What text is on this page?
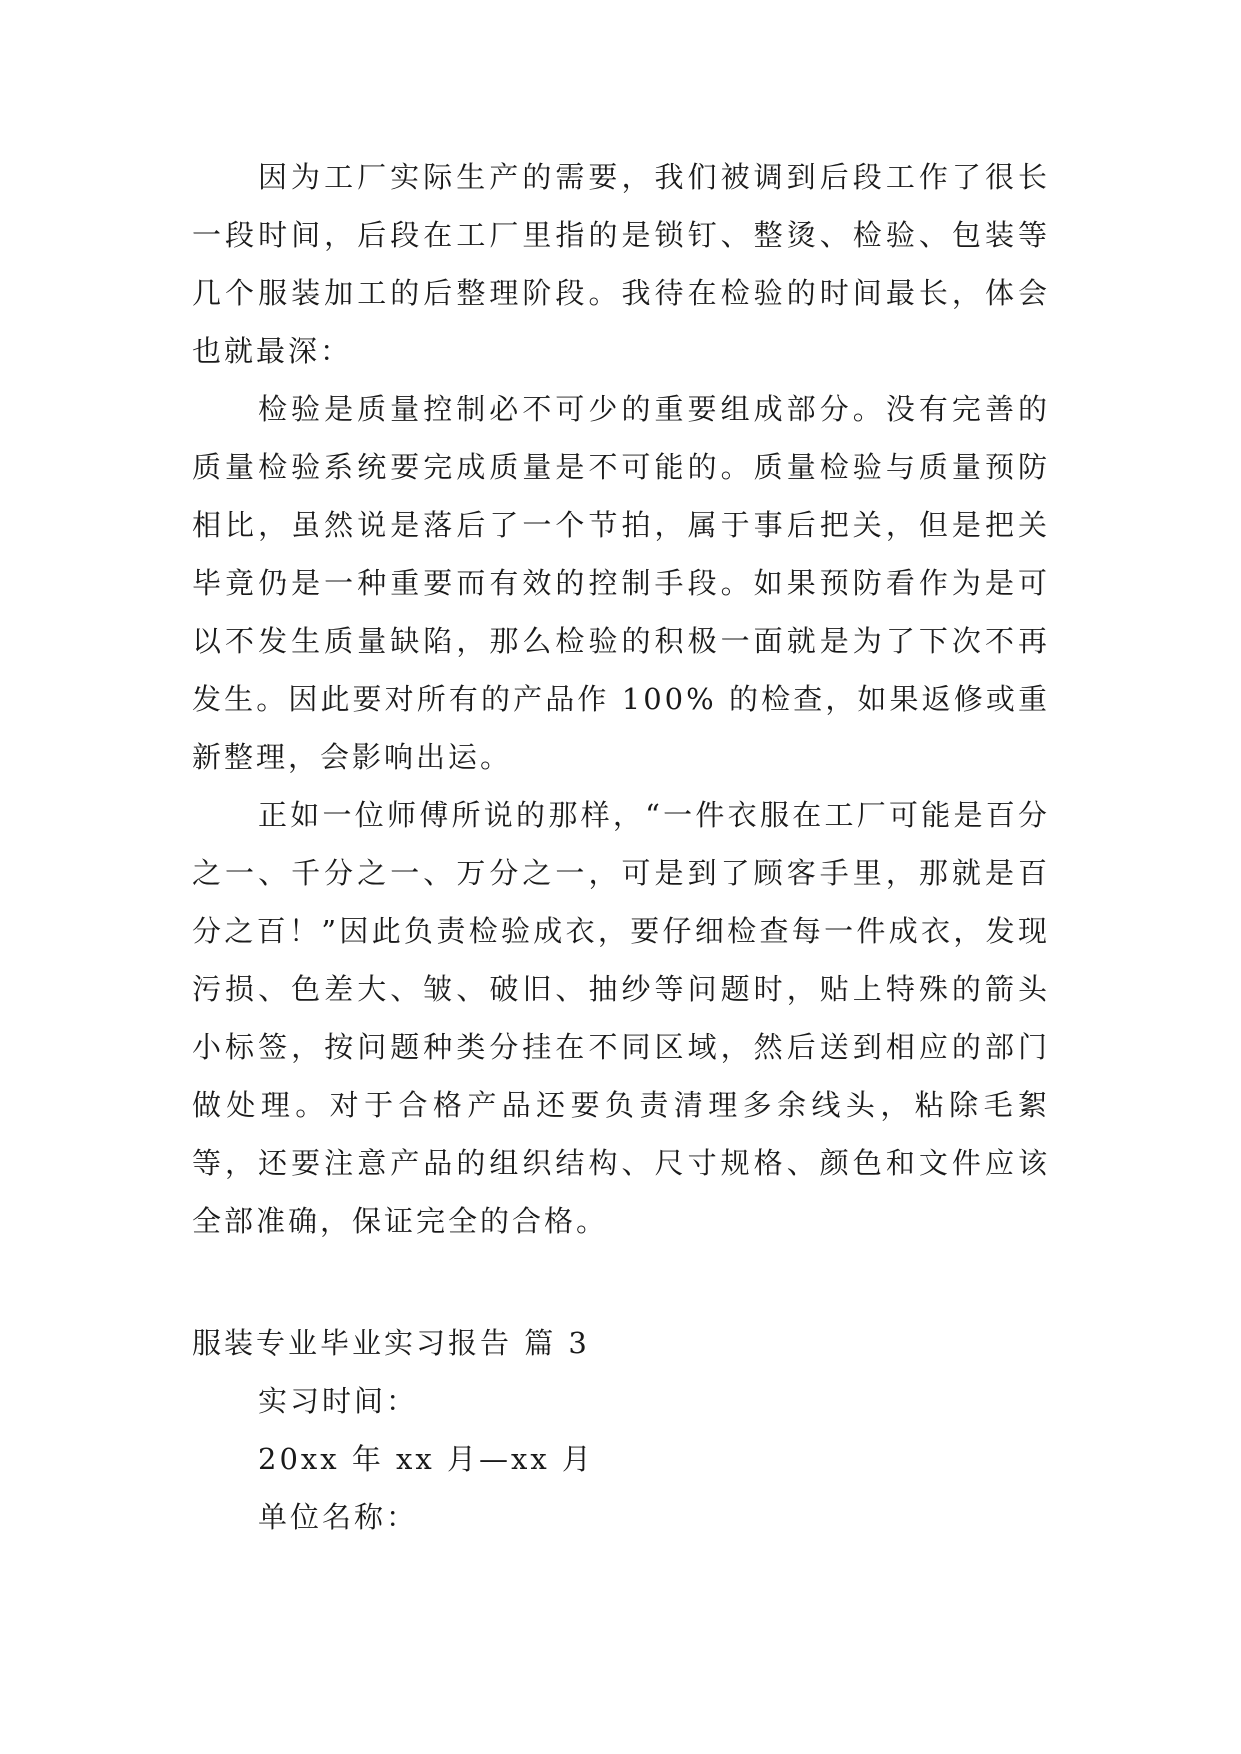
因为工厂实际生产的需要，我们被调到后段工作了很长一段时间，后段在工厂里指的是锁钉、整烫、检验、包装等几个服装加工的后整理阶段。我待在检验的时间最长，体会也就最深：

检验是质量控制必不可少的重要组成部分。没有完善的质量检验系统要完成质量是不可能的。质量检验与质量预防相比，虽然说是落后了一个节拍，属于事后把关，但是把关毕竟仍是一种重要而有效的控制手段。如果预防看作为是可以不发生质量缺陷，那么检验的积极一面就是为了下次不再发生。因此要对所有的产品作 100% 的检查，如果返修或重新整理，会影响出运。

正如一位师傅所说的那样，“一件衣服在工厂可能是百分之一、千分之一、万分之一，可是到了顾客手里，那就是百分之百！”因此负责检验成衣，要仔细检查每一件成衣，发现污损、色差大、皱、破旧、抽纱等问题时，贴上特殊的箭头小标签，按问题种类分挂在不同区域，然后送到相应的部门做处理。对于合格产品还要负责清理多余线头，粘除毛絮等，还要注意产品的组织结构、尺寸规格、颜色和文件应该全部准确，保证完全的合格。

服装专业毕业实习报告 篇 3

实习时间：

20xx 年 xx 月—xx 月

单位名称：
